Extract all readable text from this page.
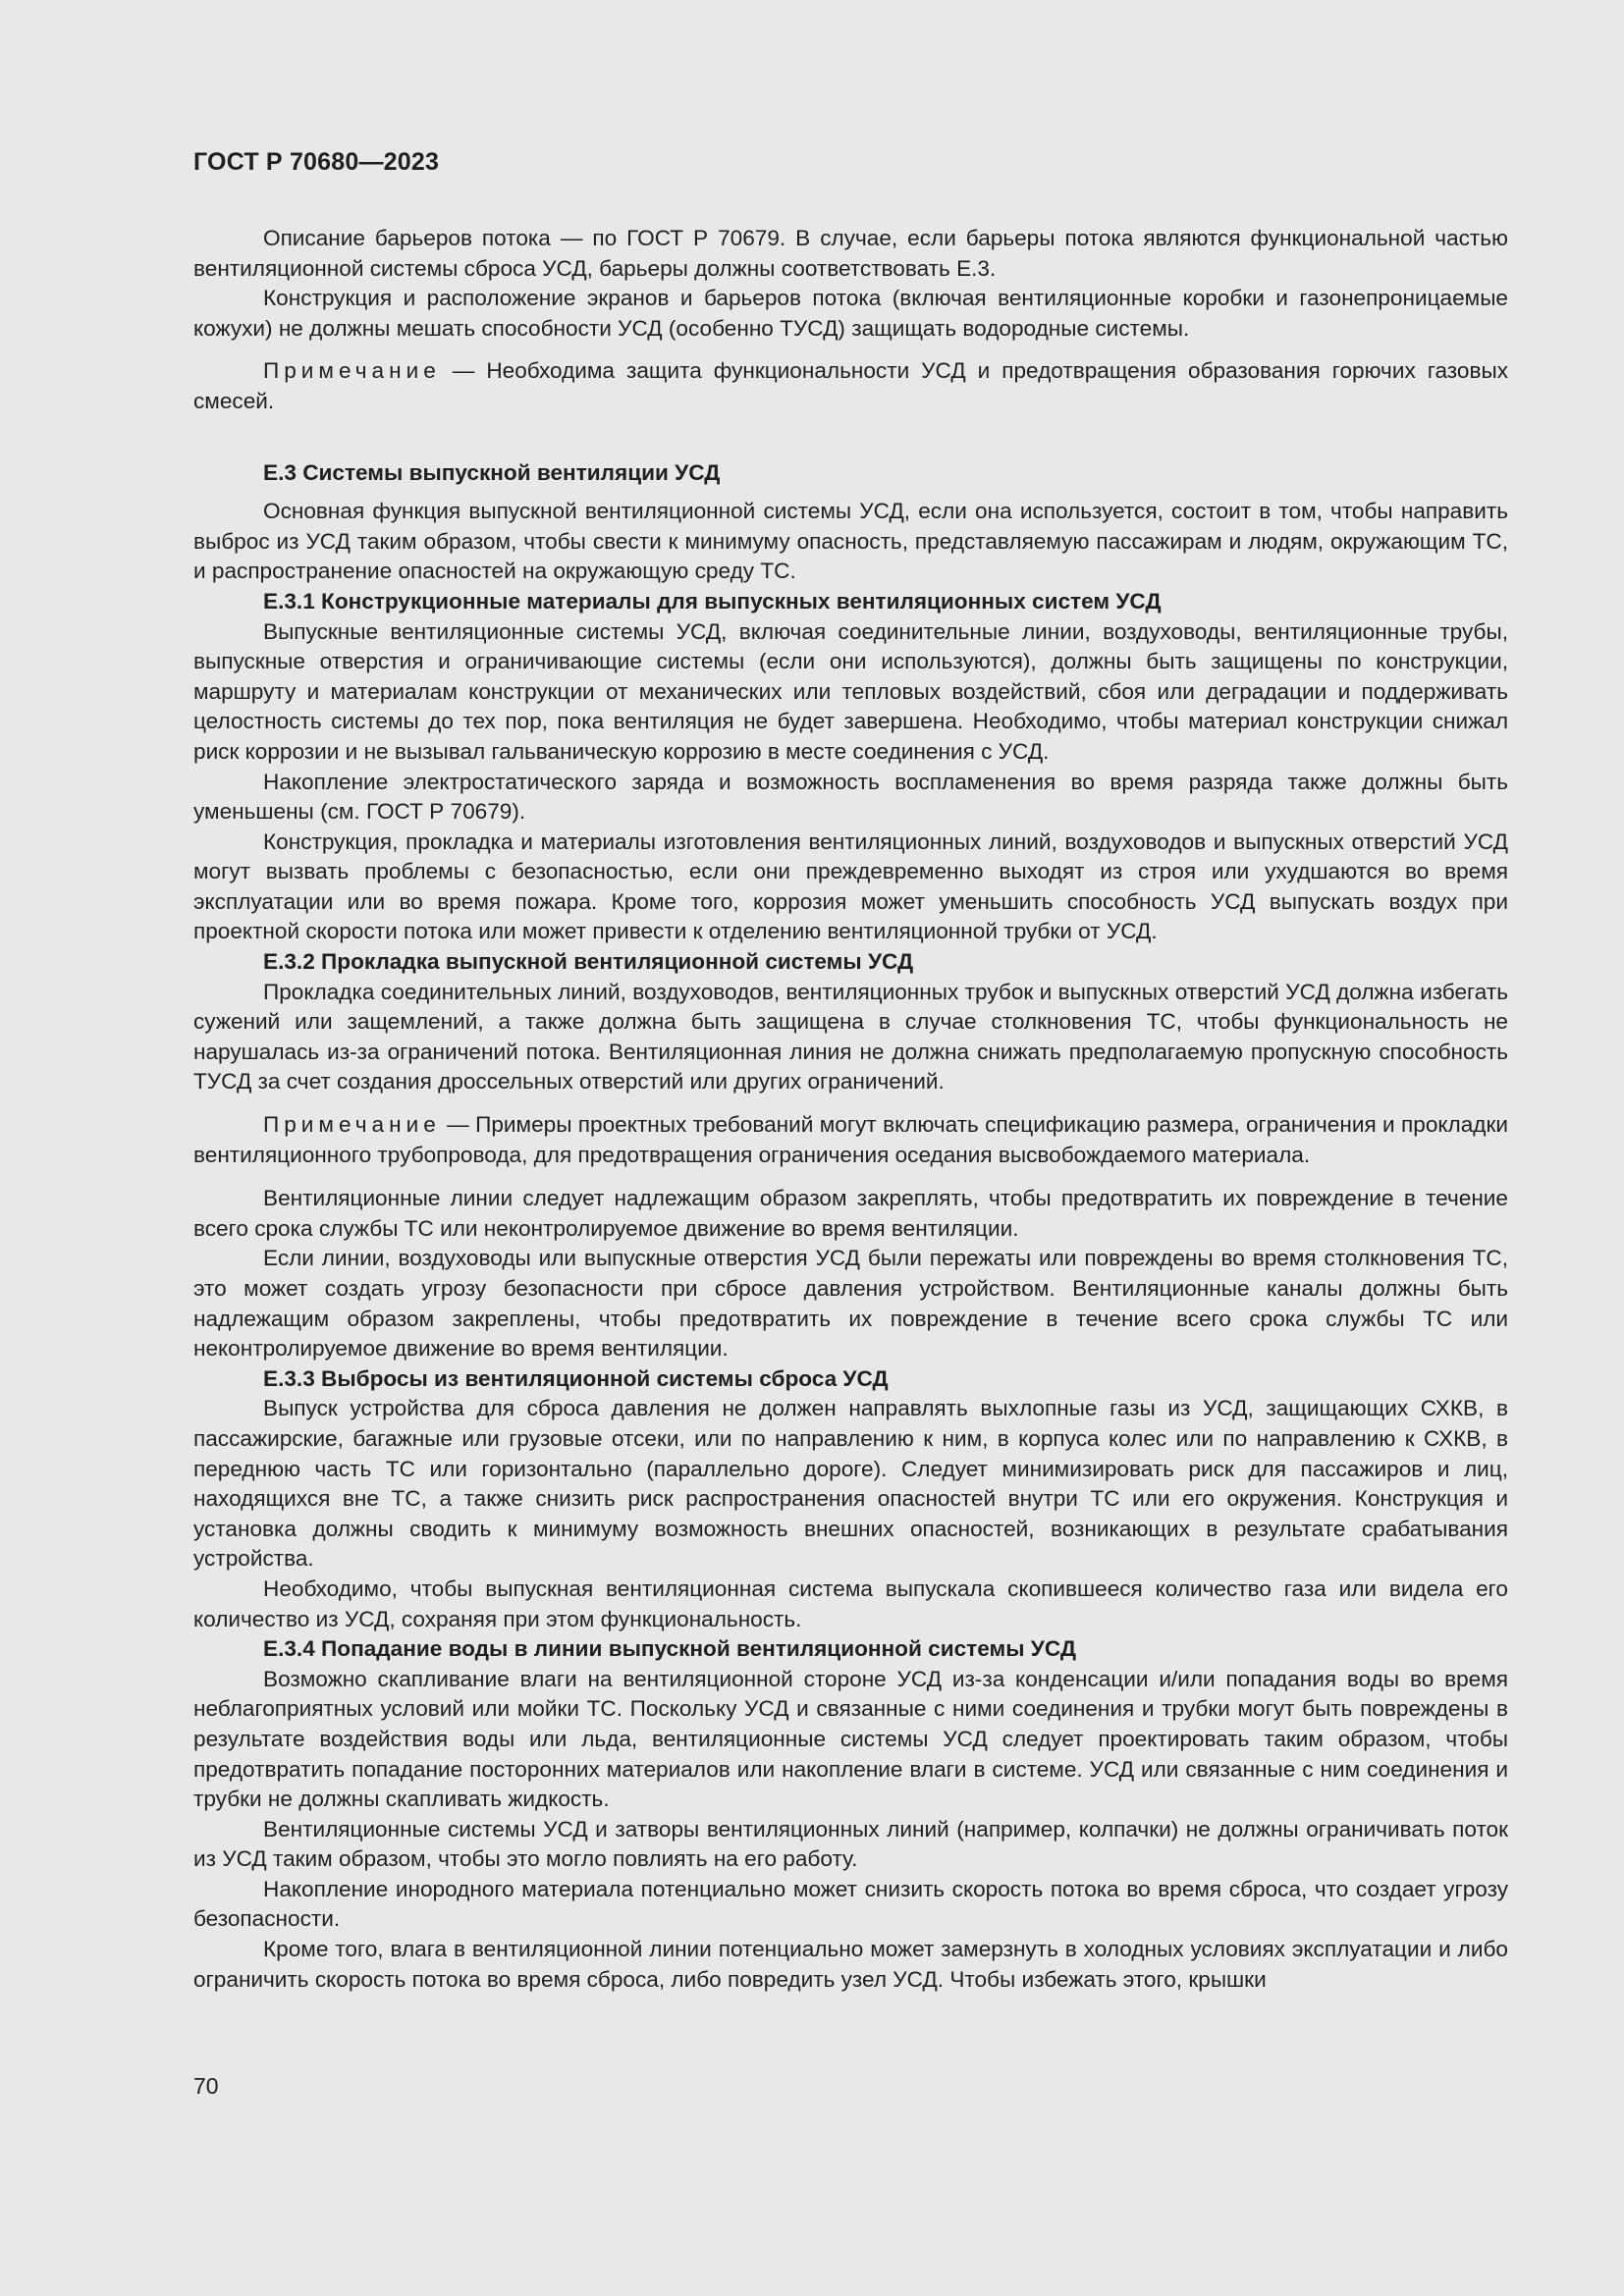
ГОСТ Р 70680—2023

Описание барьеров потока — по ГОСТ Р 70679. В случае, если барьеры потока являются функциональной частью вентиляционной системы сброса УСД, барьеры должны соответствовать Е.3.

Конструкция и расположение экранов и барьеров потока (включая вентиляционные коробки и газонепроницаемые кожухи) не должны мешать способности УСД (особенно ТУСД) защищать водородные системы.

Примечание — Необходима защита функциональности УСД и предотвращения образования горючих газовых смесей.

Е.3 Системы выпускной вентиляции УСД

Основная функция выпускной вентиляционной системы УСД, если она используется, состоит в том, чтобы направить выброс из УСД таким образом, чтобы свести к минимуму опасность, представляемую пассажирам и людям, окружающим ТС, и распространение опасностей на окружающую среду ТС.

Е.3.1 Конструкционные материалы для выпускных вентиляционных систем УСД

Выпускные вентиляционные системы УСД, включая соединительные линии, воздуховоды, вентиляционные трубы, выпускные отверстия и ограничивающие системы (если они используются), должны быть защищены по конструкции, маршруту и материалам конструкции от механических или тепловых воздействий, сбоя или деградации и поддерживать целостность системы до тех пор, пока вентиляция не будет завершена. Необходимо, чтобы материал конструкции снижал риск коррозии и не вызывал гальваническую коррозию в месте соединения с УСД.

Накопление электростатического заряда и возможность воспламенения во время разряда также должны быть уменьшены (см. ГОСТ Р 70679).

Конструкция, прокладка и материалы изготовления вентиляционных линий, воздуховодов и выпускных отверстий УСД могут вызвать проблемы с безопасностью, если они преждевременно выходят из строя или ухудшаются во время эксплуатации или во время пожара. Кроме того, коррозия может уменьшить способность УСД выпускать воздух при проектной скорости потока или может привести к отделению вентиляционной трубки от УСД.

Е.3.2 Прокладка выпускной вентиляционной системы УСД

Прокладка соединительных линий, воздуховодов, вентиляционных трубок и выпускных отверстий УСД должна избегать сужений или защемлений, а также должна быть защищена в случае столкновения ТС, чтобы функциональность не нарушалась из-за ограничений потока. Вентиляционная линия не должна снижать предполагаемую пропускную способность ТУСД за счет создания дроссельных отверстий или других ограничений.

Примечание — Примеры проектных требований могут включать спецификацию размера, ограничения и прокладки вентиляционного трубопровода, для предотвращения ограничения оседания высвобождаемого материала.

Вентиляционные линии следует надлежащим образом закреплять, чтобы предотвратить их повреждение в течение всего срока службы ТС или неконтролируемое движение во время вентиляции.

Если линии, воздуховоды или выпускные отверстия УСД были пережаты или повреждены во время столкновения ТС, это может создать угрозу безопасности при сбросе давления устройством. Вентиляционные каналы должны быть надлежащим образом закреплены, чтобы предотвратить их повреждение в течение всего срока службы ТС или неконтролируемое движение во время вентиляции.

Е.3.3 Выбросы из вентиляционной системы сброса УСД

Выпуск устройства для сброса давления не должен направлять выхлопные газы из УСД, защищающих СХКВ, в пассажирские, багажные или грузовые отсеки, или по направлению к ним, в корпуса колес или по направлению к СХКВ, в переднюю часть ТС или горизонтально (параллельно дороге). Следует минимизировать риск для пассажиров и лиц, находящихся вне ТС, а также снизить риск распространения опасностей внутри ТС или его окружения. Конструкция и установка должны сводить к минимуму возможность внешних опасностей, возникающих в результате срабатывания устройства.

Необходимо, чтобы выпускная вентиляционная система выпускала скопившееся количество газа или видела его количество из УСД, сохраняя при этом функциональность.

Е.3.4 Попадание воды в линии выпускной вентиляционной системы УСД

Возможно скапливание влаги на вентиляционной стороне УСД из-за конденсации и/или попадания воды во время неблагоприятных условий или мойки ТС. Поскольку УСД и связанные с ними соединения и трубки могут быть повреждены в результате воздействия воды или льда, вентиляционные системы УСД следует проектировать таким образом, чтобы предотвратить попадание посторонних материалов или накопление влаги в системе. УСД или связанные с ним соединения и трубки не должны скапливать жидкость.

Вентиляционные системы УСД и затворы вентиляционных линий (например, колпачки) не должны ограничивать поток из УСД таким образом, чтобы это могло повлиять на его работу.

Накопление инородного материала потенциально может снизить скорость потока во время сброса, что создает угрозу безопасности.

Кроме того, влага в вентиляционной линии потенциально может замерзнуть в холодных условиях эксплуатации и либо ограничить скорость потока во время сброса, либо повредить узел УСД. Чтобы избежать этого, крышки

70
